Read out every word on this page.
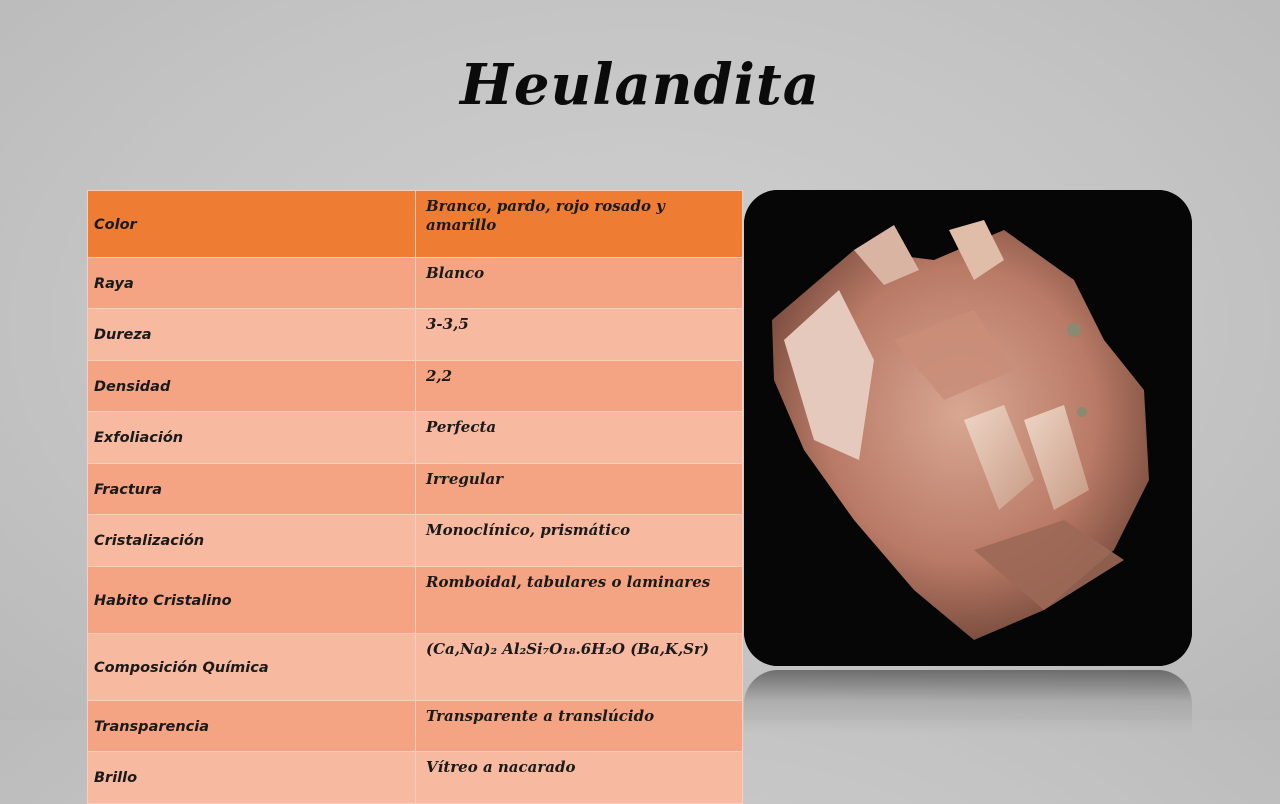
Heulandita
Color	Branco, pardo, rojo rosado y amarillo
Raya	Blanco
Dureza	3-3,5
Densidad	2,2
Exfoliación	Perfecta
Fractura	Irregular
Cristalización	Monoclínico, prismático
Habito Cristalino	Romboidal, tabulares o laminares
Composición Química	(Ca,Na)₂ Al₂Si₇O₁₈.6H₂O (Ba,K,Sr)
Transparencia	Transparente a translúcido
Brillo	Vítreo a nacarado
